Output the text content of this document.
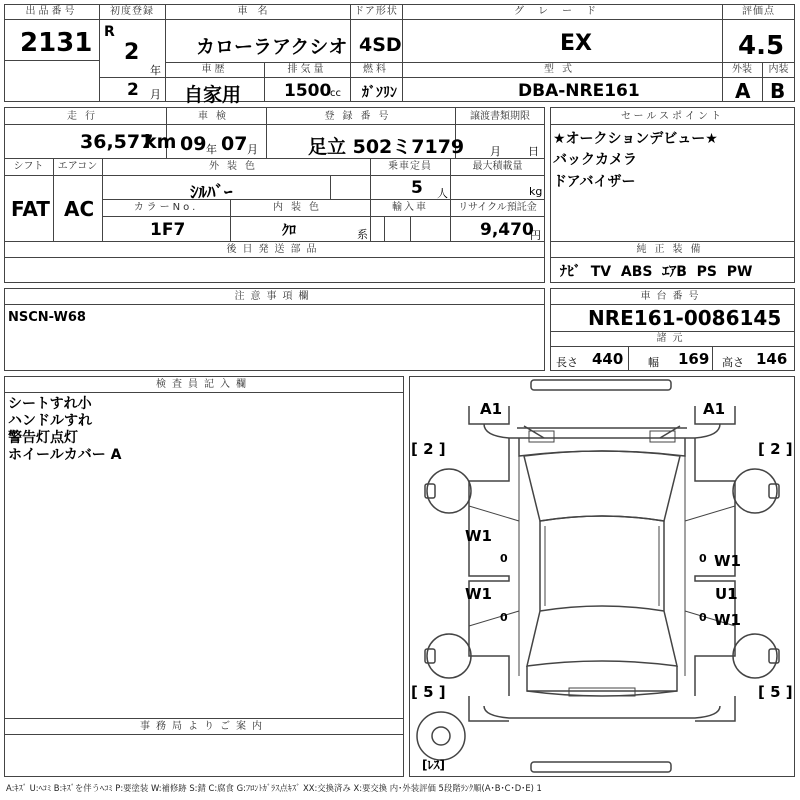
出品番号
2131
初度登録
R
2
年
2 月
車名
カローラアクシオ
ドア形状
4SD
グレード
EX
評価点
4.5
外装	内装
A B
車歴
自家用
排気量
1500
cc
燃料
ｶﾞｿﾘﾝ
型式
DBA-NRE161
走行
36,577
km
車検
09 年 07 月
登録番号
足立 502ミ7179
譲渡書類期限
月 日
シフト
FAT
エアコン
AC
外装色
ｼﾙﾊﾞｰ
乗車定員
5 人
最大積載量
kg
カラーNo.
1F7
内装色
ｸﾛ	系
輸入車	リサイクル預託金
9,470
円
後日発送部品
セールスポイント
★オークションデビュー★
バックカメラ
ドアバイザー
純正装備
ﾅﾋﾞ  TV  ABS  ｴｱB  PS  PW
注意事項欄
NSCN-W68
車台番号
NRE161-0086145
諸元
長さ 440 幅 169 高さ 146
検査員記入欄
シートすれ小
ハンドルすれ
警告灯点灯
ホイールカバー A
事務局よりご案内
A1	A1
[ 2 ]	[ 2 ]
[ 5 ]	[ 5 ]
W1
0	W1
0
W1
0
U1
W1
0
[ﾚｽ]
A:ｷｽﾞ U:ﾍｺﾐ B:ｷｽﾞを伴うﾍｺﾐ P:要塗装 W:補修跡 S:錆 C:腐食 G:ﾌﾛﾝﾄｶﾞﾗｽ点ｷｽﾞ XX:交換済み X:要交換 内･外装評価 5段階ﾗﾝｸ順(A･B･C･D･E) 1
